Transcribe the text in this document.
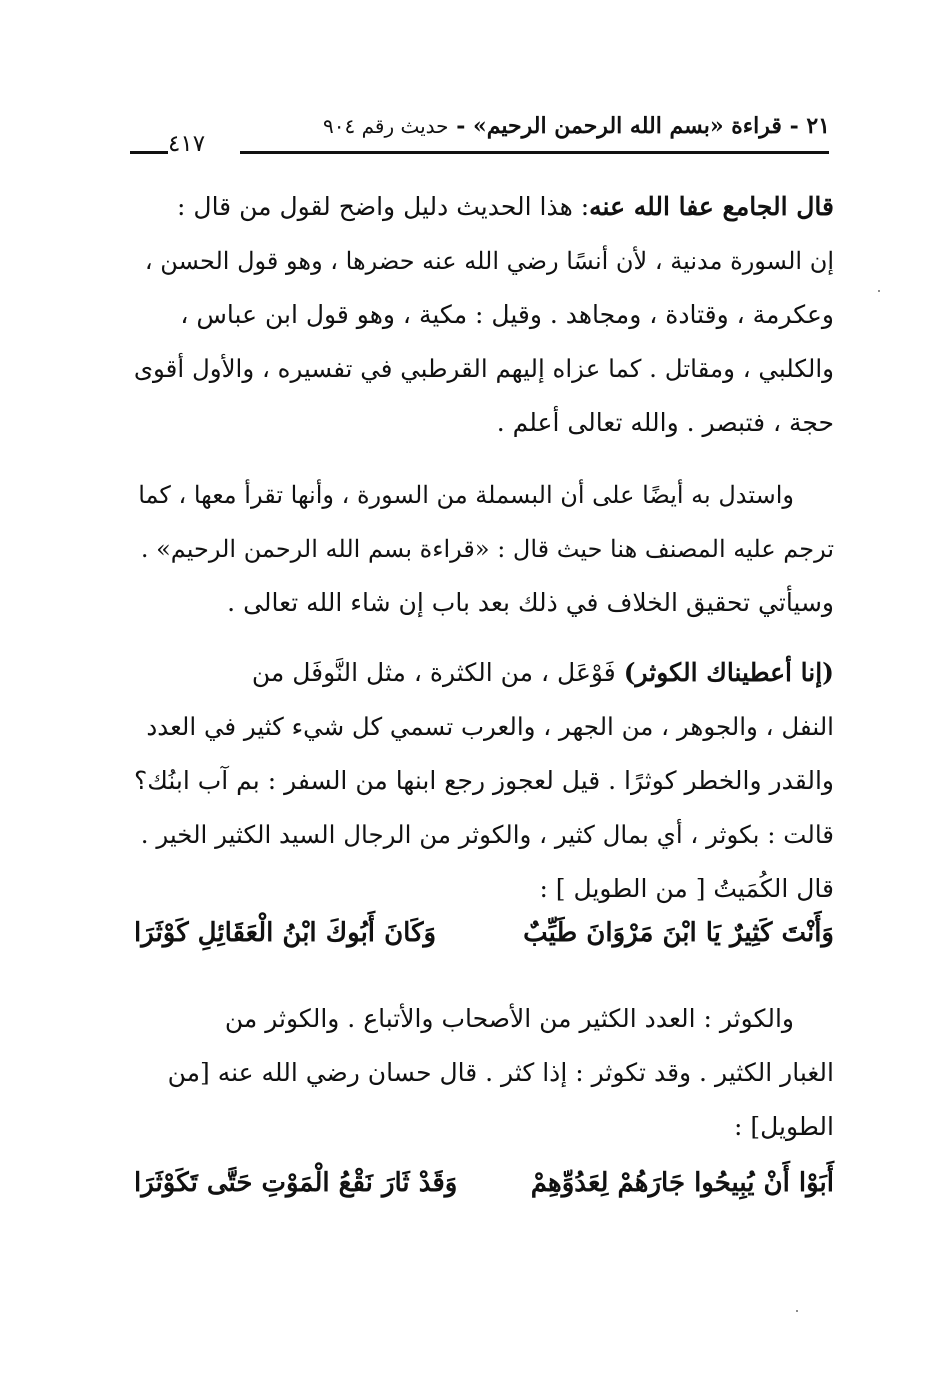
٢١ - قراءة «بسم الله الرحمن الرحيم» - حديث رقم ٩٠٤
٤١٧
قال الجامع عفا الله عنه: هذا الحديث دليل واضح لقول من قال :
إن السورة مدنية ، لأن أنسًا رضي الله عنه حضرها ، وهو قول الحسن ،
وعكرمة ، وقتادة ، ومجاهد . وقيل : مكية ، وهو قول ابن عباس ،
والكلبي ، ومقاتل . كما عزاه إليهم القرطبي في تفسيره ، والأول أقوى
حجة ، فتبصر . والله تعالى أعلم .
واستدل به أيضًا على أن البسملة من السورة ، وأنها تقرأ معها ، كما
ترجم عليه المصنف هنا حيث قال : «قراءة بسم الله الرحمن الرحيم» .
وسيأتي تحقيق الخلاف في ذلك بعد باب إن شاء الله تعالى .
(إنا أعطيناك الكوثر) فَوْعَل ، من الكثرة ، مثل النَّوفَل من
النفل ، والجوهر ، من الجهر ، والعرب تسمي كل شيء كثير في العدد
والقدر والخطر كوثرًا . قيل لعجوز رجع ابنها من السفر : بم آب ابنُك؟
قالت : بكوثر ، أي بمال كثير ، والكوثر من الرجال السيد الكثير الخير .
قال الكُمَيتُ [ من الطويل ] :
وَأَنْتَ كَثِيرٌ يَا ابْنَ مَرْوَانَ طَيِّبٌ
وَكَانَ أَبُوكَ ابْنُ الْعَقَائِلِ كَوْثَرَا
والكوثر : العدد الكثير من الأصحاب والأتباع . والكوثر من
الغبار الكثير . وقد تكوثر : إذا كثر . قال حسان رضي الله عنه [من
الطويل] :
أَبَوْا أَنْ يُبِيحُوا جَارَهُمْ لِعَدُوِّهِمْ
وَقَدْ ثَارَ نَقْعُ الْمَوْتِ حَتَّى تَكَوْثَرَا
